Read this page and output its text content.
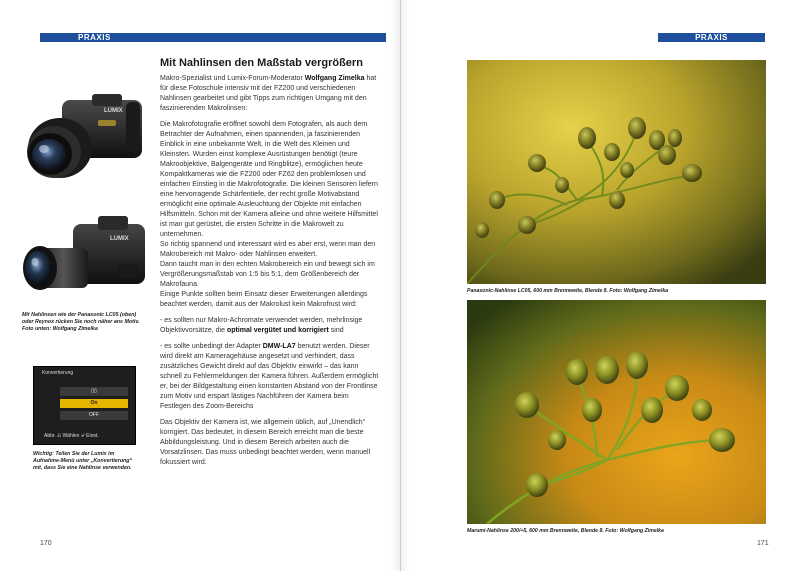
PRAXIS
LUMIX
LUMIX
Mit Nahlinsen wie der Panasonic LC05 (oben) oder Reynox rücken Sie noch näher ans Motiv. Foto unten: Wolfgang Zimelka
Konvertierung
▯▯
On
OFF
Abbr. ⎌ Wählen ⏎ Einst.
Wichtig: Teilen Sie der Lumix im Aufnahme-Menü unter „Konvertierung“ mit, dass Sie eine Nahlinse verwenden.
Mit Nahlinsen den Maßstab vergrößern

Makro-Spezialist und Lumix-Forum-Moderator Wolfgang Zimelka hat für diese Fotoschule intensiv mit der FZ200 und verschiedenen Nahlinsen gearbeitet und gibt Tipps zum richtigen Umgang mit den faszinierenden Makrolinsen:

Die Makrofotografie eröffnet sowohl dem Fotografen, als auch dem Betrachter der Aufnahmen, einen spannenden, ja faszinierenden Einblick in eine unbekannte Welt, in die Welt des Kleinen und Kleinsten. Wurden einst komplexe Ausrüstungen benötigt (teure Makroobjektive, Balgengeräte und Ringblitze), ermöglichen heute Kompaktkameras wie die FZ200 oder FZ62 den problemlosen und einfachen Einstieg in die Makrofotografie. Die kleinen Sensoren liefern eine hervorragende Schärfentiefe, der recht große Motivabstand ermöglicht eine optimale Ausleuchtung der Objekte mit einfachen Hilfsmitteln. Schon mit der Kamera alleine und ohne weitere Hilfsmittel ist man gut gerüstet, die ersten Schritte in die Makrowelt zu unternehmen.

So richtig spannend und interessant wird es aber erst, wenn man den Makrobereich mit Makro- oder Nahlinsen erweitert.

Dann taucht man in den echten Makrobereich ein und bewegt sich im Vergrößerungsmaßstab von 1:5 bis 5:1, dem Größenbereich der Makrofauna.

Einige Punkte sollten beim Einsatz dieser Erweiterungen allerdings beachtet werden, damit aus der Makrolust kein Makrofrust wird:

- es sollten nur Makro-Achromate verwendet werden, mehrlinsige Objektivvorsätze, die optimal vergütet und korrigiert sind

- es sollte unbedingt der Adapter DMW-LA7 benutzt werden. Dieser wird direkt am Kameragehäuse angesetzt und verhindert, dass zusätzliches Gewicht direkt auf das Objektiv einwirkt – das kann schnell zu Fehlermeldungen der Kamera führen. Außerdem ermöglicht er, bei der Bildgestaltung einen konstanten Abstand von der Frontlinse zum Motiv und erspart lästiges Nachführen der Kamera beim Festlegen des Zoom-Bereichs

Das Objektiv der Kamera ist, wie allgemein üblich, auf „Unendlich“ korrigiert. Das bedeutet, in diesem Bereich erreicht man die beste Abbildungsleistung. Und in diesem Bereich arbeiten auch die Vorsatzlinsen. Das muss unbedingt beachtet werden, wenn manuell fokussiert wird.

170
PRAXIS
Panasonic-Nahlinse LC05, 600 mm Brennweite, Blende 8. Foto: Wolfgang Zimelka
Marumi-Nahlinse 200/+5, 600 mm Brennweite, Blende 8. Foto: Wolfgang Zimelka
171
